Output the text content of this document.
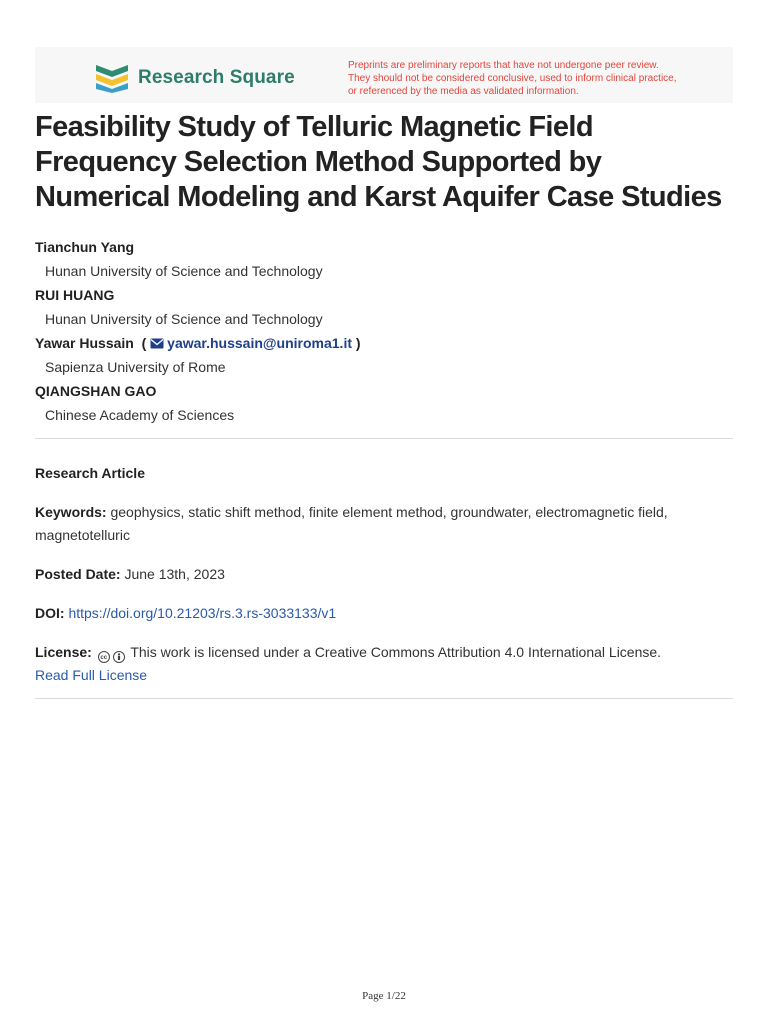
Research Square
Preprints are preliminary reports that have not undergone peer review.
They should not be considered conclusive, used to inform clinical practice,
or referenced by the media as validated information.
Feasibility Study of Telluric Magnetic Field Frequency Selection Method Supported by Numerical Modeling and Karst Aquifer Case Studies
Tianchun Yang
Hunan University of Science and Technology
RUI HUANG
Hunan University of Science and Technology
Yawar Hussain  ( yawar.hussain@uniroma1.it )
Sapienza University of Rome
QIANGSHAN GAO
Chinese Academy of Sciences
Research Article
Keywords: geophysics, static shift method, finite element method, groundwater, electromagnetic field, magnetotelluric
Posted Date: June 13th, 2023
DOI: https://doi.org/10.21203/rs.3.rs-3033133/v1
License:	cc This work is licensed under a Creative Commons Attribution 4.0 International License.
Read Full License
Page 1/22
